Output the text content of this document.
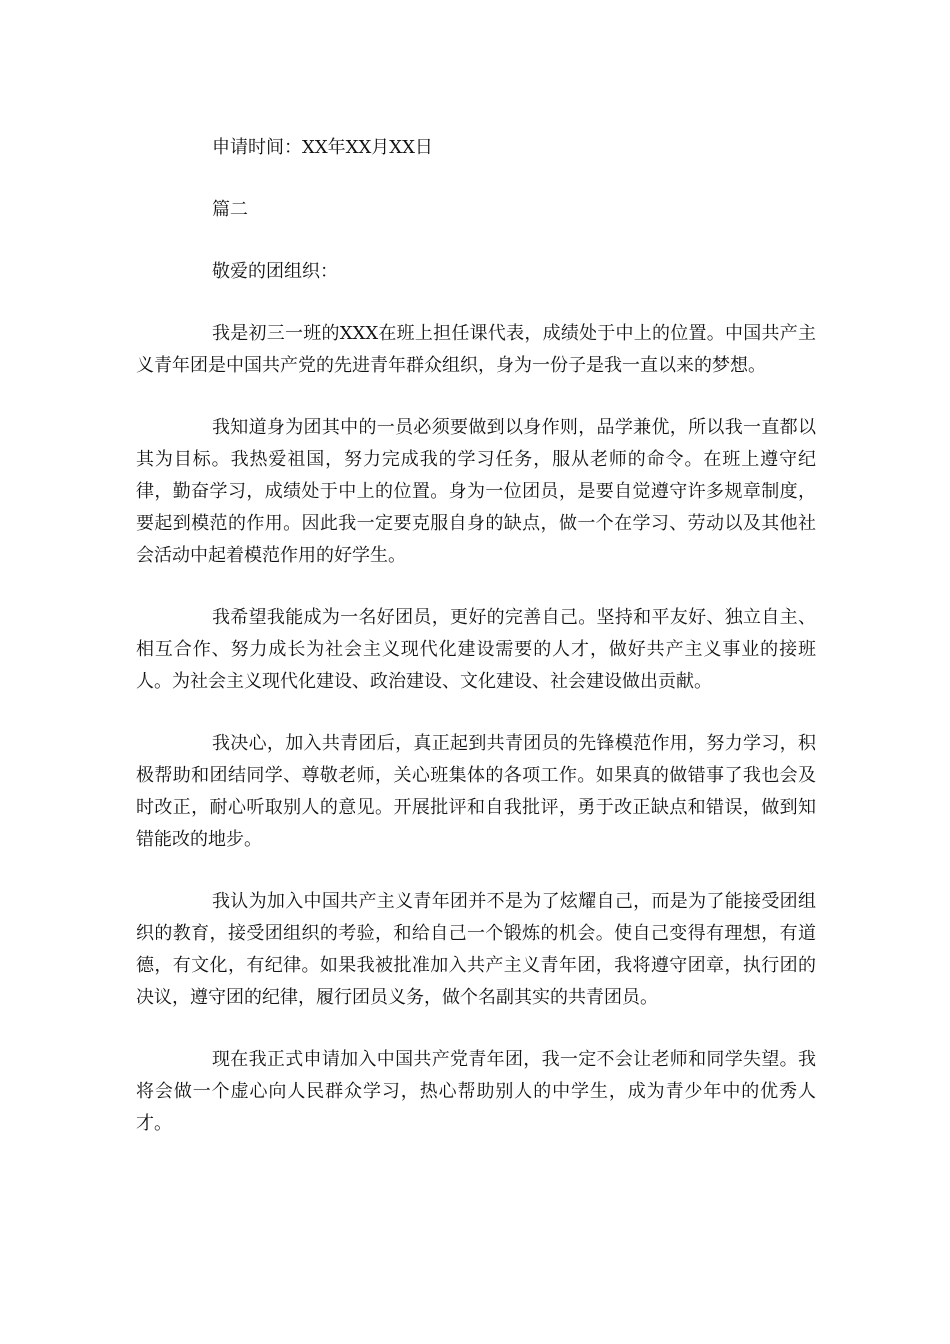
申请时间：XX年XX月XX日
篇二
敬爱的团组织：

我是初三一班的XXX在班上担任课代表，成绩处于中上的位置。中国共产主义青年团是中国共产党的先进青年群众组织，身为一份子是我一直以来的梦想。

我知道身为团其中的一员必须要做到以身作则，品学兼优，所以我一直都以其为目标。我热爱祖国，努力完成我的学习任务，服从老师的命令。在班上遵守纪律，勤奋学习，成绩处于中上的位置。身为一位团员，是要自觉遵守许多规章制度，要起到模范的作用。因此我一定要克服自身的缺点，做一个在学习、劳动以及其他社会活动中起着模范作用的好学生。

我希望我能成为一名好团员，更好的完善自己。坚持和平友好、独立自主、相互合作、努力成长为社会主义现代化建设需要的人才，做好共产主义事业的接班人。为社会主义现代化建设、政治建设、文化建设、社会建设做出贡献。

我决心，加入共青团后，真正起到共青团员的先锋模范作用，努力学习，积极帮助和团结同学、尊敬老师，关心班集体的各项工作。如果真的做错事了我也会及时改正，耐心听取别人的意见。开展批评和自我批评，勇于改正缺点和错误，做到知错能改的地步。

我认为加入中国共产主义青年团并不是为了炫耀自己，而是为了能接受团组织的教育，接受团组织的考验，和给自己一个锻炼的机会。使自己变得有理想，有道德，有文化，有纪律。如果我被批准加入共产主义青年团，我将遵守团章，执行团的决议，遵守团的纪律，履行团员义务，做个名副其实的共青团员。

现在我正式申请加入中国共产党青年团，我一定不会让老师和同学失望。我将会做一个虚心向人民群众学习，热心帮助别人的中学生，成为青少年中的优秀人才。
